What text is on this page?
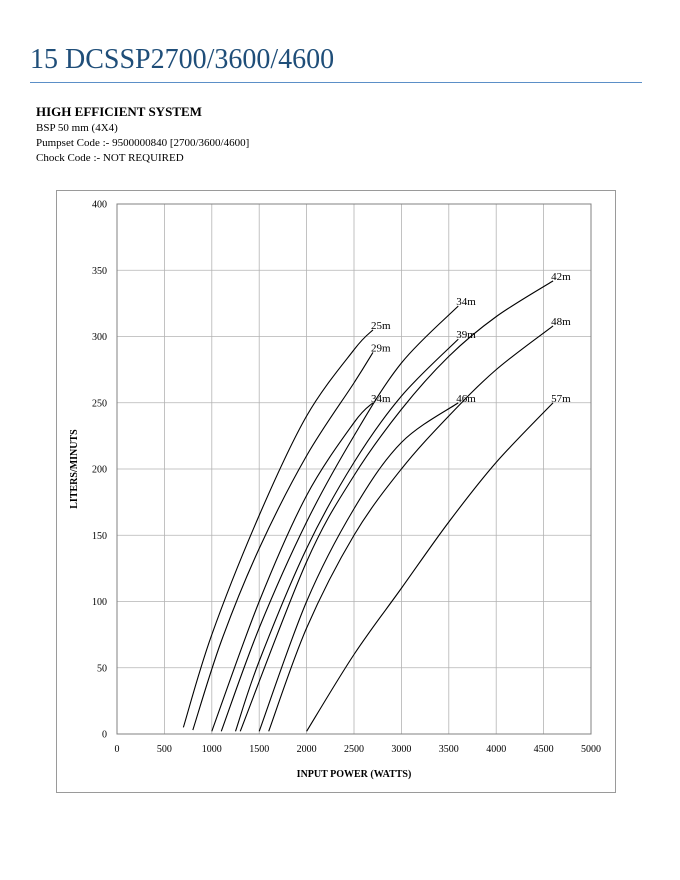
15 DCSSP2700/3600/4600

HIGH EFFICIENT SYSTEM

BSP 50 mm (4X4)

Pumpset Code :- 9500000840 [2700/3600/4600]

Chock Code :- NOT REQUIRED

25m
29m
34m
34m
39m
42m
46m
48m
57m
0	500	1000	1500	2000	2500	3000	3500	4000	4500	5000
0
50
100
150
200
250
300
350
400
INPUT POWER (WATTS)
LITERS/MINUTS
